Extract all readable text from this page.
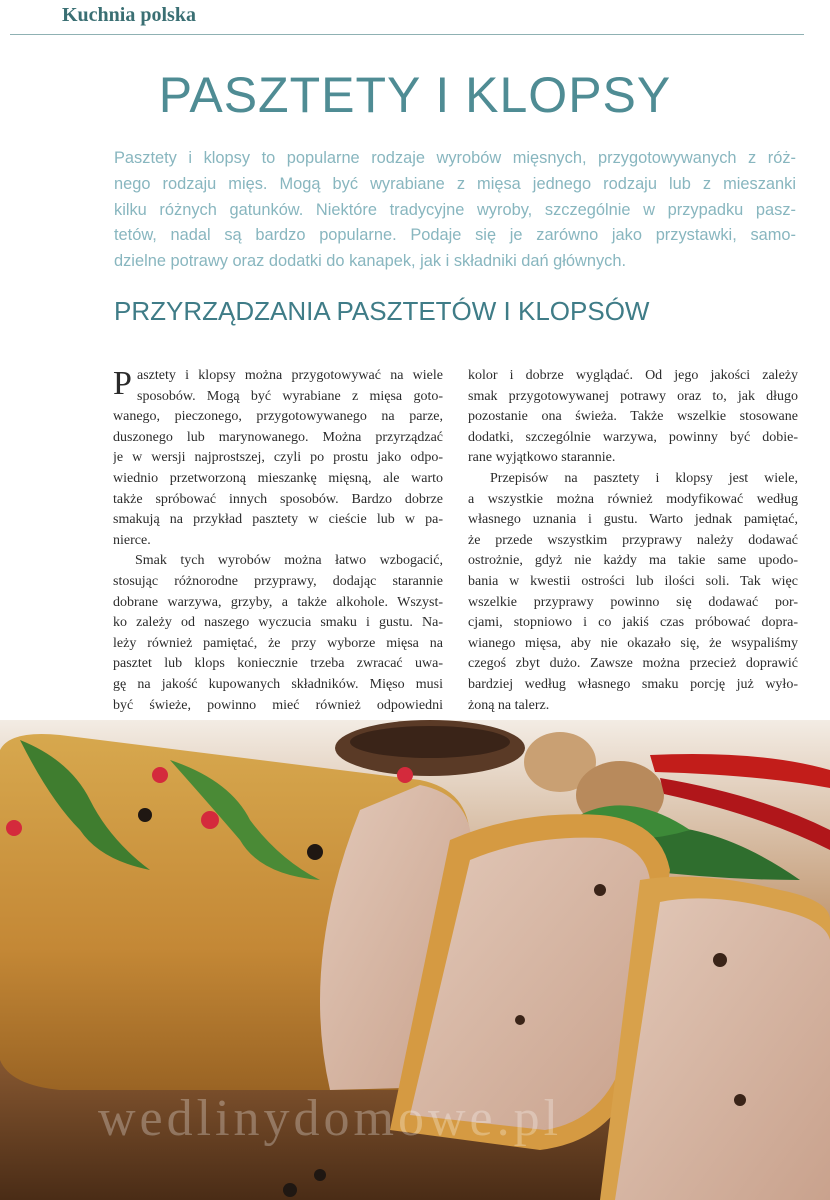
Kuchnia polska
PASZTETY I KLOPSY
Pasztety i klopsy to popularne rodzaje wyrobów mięsnych, przygotowywanych z róż-
nego rodzaju mięs. Mogą być wyrabiane z mięsa jednego rodzaju lub z mieszanki
kilku różnych gatunków. Niektóre tradycyjne wyroby, szczególnie w przypadku pasz-
tetów, nadal są bardzo popularne. Podaje się je zarówno jako przystawki, samo-
dzielne potrawy oraz dodatki do kanapek, jak i składniki dań głównych.
PRZYRZĄDZANIA PASZTETÓW I KLOPSÓW
P asztety i klopsy można przygotowywać na wiele
sposobów. Mogą być wyrabiane z mięsa goto-
wanego, pieczonego, przygotowywanego na parze,
duszonego lub marynowanego. Można przyrządzać
je w wersji najprostszej, czyli po prostu jako odpo-
wiednio przetworzoną mieszankę mięsną, ale warto
także spróbować innych sposobów. Bardzo dobrze
smakują na przykład pasztety w cieście lub w pa-
nierce.
Smak tych wyrobów można łatwo wzbogacić,
stosując różnorodne przyprawy, dodając starannie
dobrane warzywa, grzyby, a także alkohole. Wszyst-
ko zależy od naszego wyczucia smaku i gustu. Na-
leży również pamiętać, że przy wyborze mięsa na
pasztet lub klops koniecznie trzeba zwracać uwa-
gę na jakość kupowanych składników. Mięso musi
być świeże, powinno mieć również odpowiedni
kolor i dobrze wyglądać. Od jego jakości zależy
smak przygotowywanej potrawy oraz to, jak długo
pozostanie ona świeża. Także wszelkie stosowane
dodatki, szczególnie warzywa, powinny być dobie-
rane wyjątkowo starannie.
Przepisów na pasztety i klopsy jest wiele,
a wszystkie można również modyfikować według
własnego uznania i gustu. Warto jednak pamiętać,
że przede wszystkim przyprawy należy dodawać
ostrożnie, gdyż nie każdy ma takie same upodo-
bania w kwestii ostrości lub ilości soli. Tak więc
wszelkie przyprawy powinno się dodawać por-
cjami, stopniowo i co jakiś czas próbować dopra-
wianego mięsa, aby nie okazało się, że wsypaliśmy
czegoś zbyt dużo. Zawsze można przecież doprawić
bardziej według własnego smaku porcję już wyło-
żoną na talerz.
wedlinydomowe.pl
